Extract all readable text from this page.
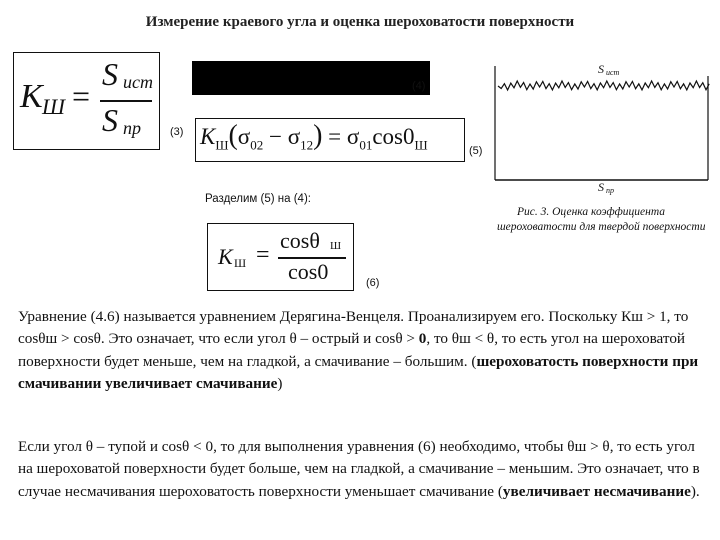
Измерение краевого угла и оценка шероховатости поверхности
K Ш =
S ист
S пр
(4)
(3) $K_Ш(\sigma_{02} - \sigma_{12}) = \sigma_{01}\cos 0_Ш$	(5)
Разделим (5) на (4):
K Ш =
cosθ Ш
cos0	(6)
S ист
S пр
Рис. 3. Оценка коэффициента шероховатости для твердой поверхности
Уравнение (4.6) называется уравнением Дерягина-Венцеля. Проанализируем его. Поскольку Кш > 1, то cosθш > cosθ. Это означает, что если угол θ – острый и cosθ > 0, то θш < θ, то есть угол на шероховатой поверхности будет меньше, чем на гладкой, а смачивание – большим. (шероховатость поверхности при смачивании увеличивает смачивание)
Если угол θ – тупой и cosθ < 0, то для выполнения уравнения (6) необходимо, чтобы θш > θ, то есть угол на шероховатой поверхности будет больше, чем на гладкой, а смачивание – меньшим. Это означает, что в случае несмачивания шероховатость поверхности уменьшает смачивание (увеличивает несмачивание).
